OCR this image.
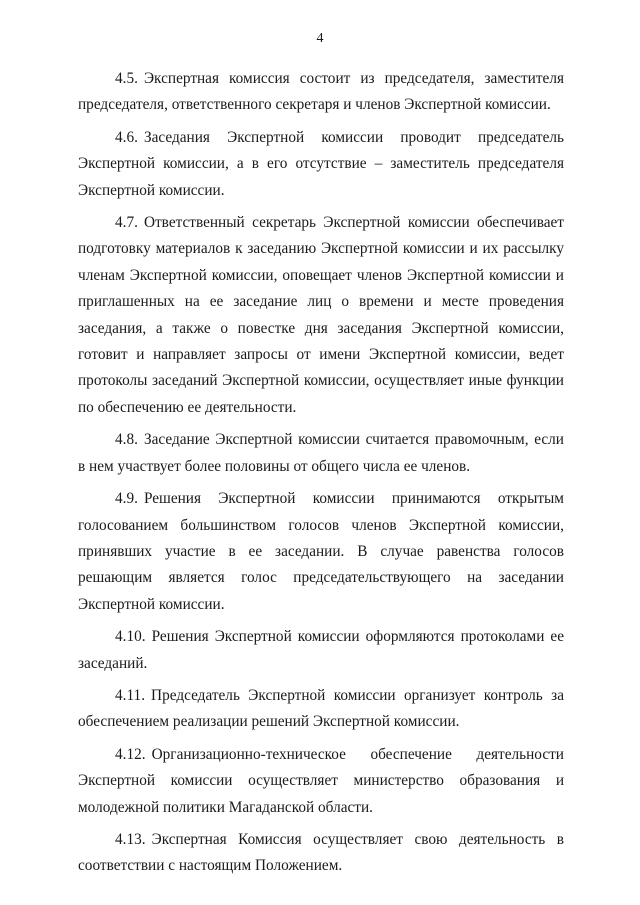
4

4.5. Экспертная комиссия состоит из председателя, заместителя председателя, ответственного секретаря и членов Экспертной комиссии.

4.6. Заседания Экспертной комиссии проводит председатель Экспертной комиссии, а в его отсутствие – заместитель председателя Экспертной комиссии.

4.7. Ответственный секретарь Экспертной комиссии обеспечивает подготовку материалов к заседанию Экспертной комиссии и их рассылку членам Экспертной комиссии, оповещает членов Экспертной комиссии и приглашенных на ее заседание лиц о времени и месте проведения заседания, а также о повестке дня заседания Экспертной комиссии, готовит и направляет запросы от имени Экспертной комиссии, ведет протоколы заседаний Экспертной комиссии, осуществляет иные функции по обеспечению ее деятельности.

4.8. Заседание Экспертной комиссии считается правомочным, если в нем участвует более половины от общего числа ее членов.

4.9. Решения Экспертной комиссии принимаются открытым голосованием большинством голосов членов Экспертной комиссии, принявших участие в ее заседании. В случае равенства голосов решающим является голос председательствующего на заседании Экспертной комиссии.

4.10. Решения Экспертной комиссии оформляются протоколами ее заседаний.

4.11. Председатель Экспертной комиссии организует контроль за обеспечением реализации решений Экспертной комиссии.

4.12. Организационно-техническое обеспечение деятельности Экспертной комиссии осуществляет министерство образования и молодежной политики Магаданской области.

4.13. Экспертная Комиссия осуществляет свою деятельность в соответствии с настоящим Положением.
